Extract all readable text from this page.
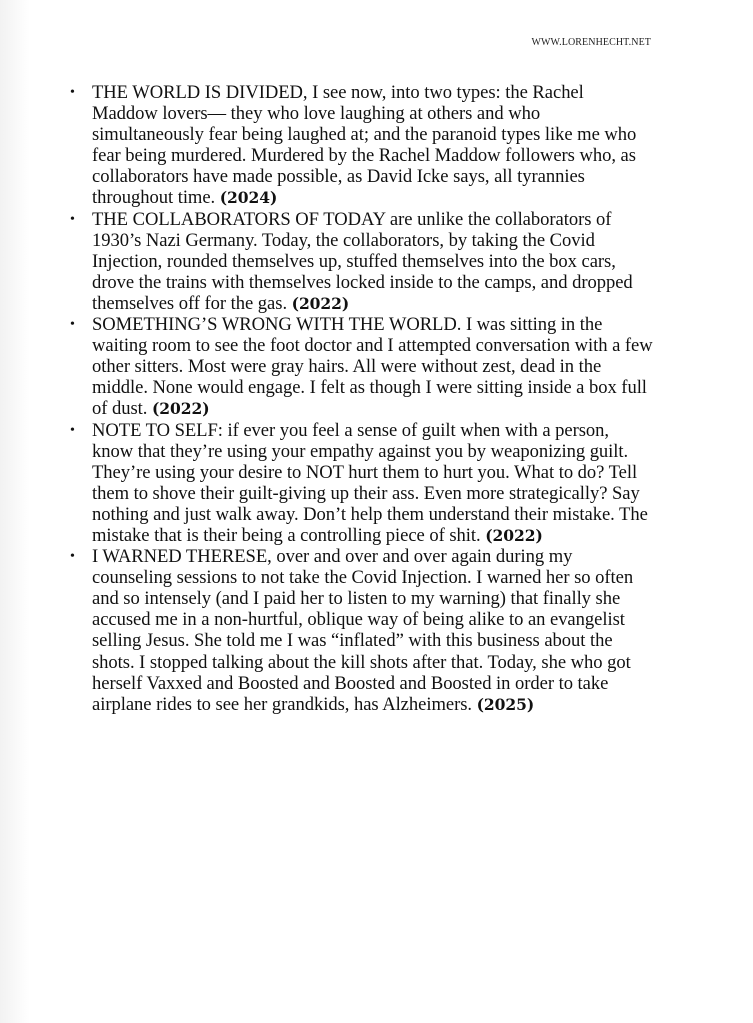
WWW.LORENHECHT.NET
• THE WORLD IS DIVIDED, I see now, into two types: the Rachel Maddow lovers— they who love laughing at others and who simultaneously fear being laughed at; and the paranoid types like me who fear being murdered. Murdered by the Rachel Maddow followers who, as collaborators have made possible, as David Icke says, all tyrannies throughout time. (2024)
• THE COLLABORATORS OF TODAY are unlike the collaborators of 1930’s Nazi Germany. Today, the collaborators, by taking the Covid Injection, rounded themselves up, stuffed themselves into the box cars, drove the trains with themselves locked inside to the camps, and dropped themselves off for the gas. (2022)
• SOMETHING’S WRONG WITH THE WORLD. I was sitting in the waiting room to see the foot doctor and I attempted conversation with a few other sitters. Most were gray hairs. All were without zest, dead in the middle. None would engage. I felt as though I were sitting inside a box full of dust. (2022)
• NOTE TO SELF: if ever you feel a sense of guilt when with a person, know that they’re using your empathy against you by weaponizing guilt. They’re using your desire to NOT hurt them to hurt you. What to do? Tell them to shove their guilt-giving up their ass. Even more strategically? Say nothing and just walk away. Don’t help them understand their mistake. The mistake that is their being a controlling piece of shit. (2022)
• I WARNED THERESE, over and over and over again during my counseling sessions to not take the Covid Injection. I warned her so often and so intensely (and I paid her to listen to my warning) that finally she accused me in a non-hurtful, oblique way of being alike to an evangelist selling Jesus. She told me I was “inflated” with this business about the shots. I stopped talking about the kill shots after that. Today, she who got herself Vaxxed and Boosted and Boosted and Boosted in order to take airplane rides to see her grandkids, has Alzheimers. (2025)
